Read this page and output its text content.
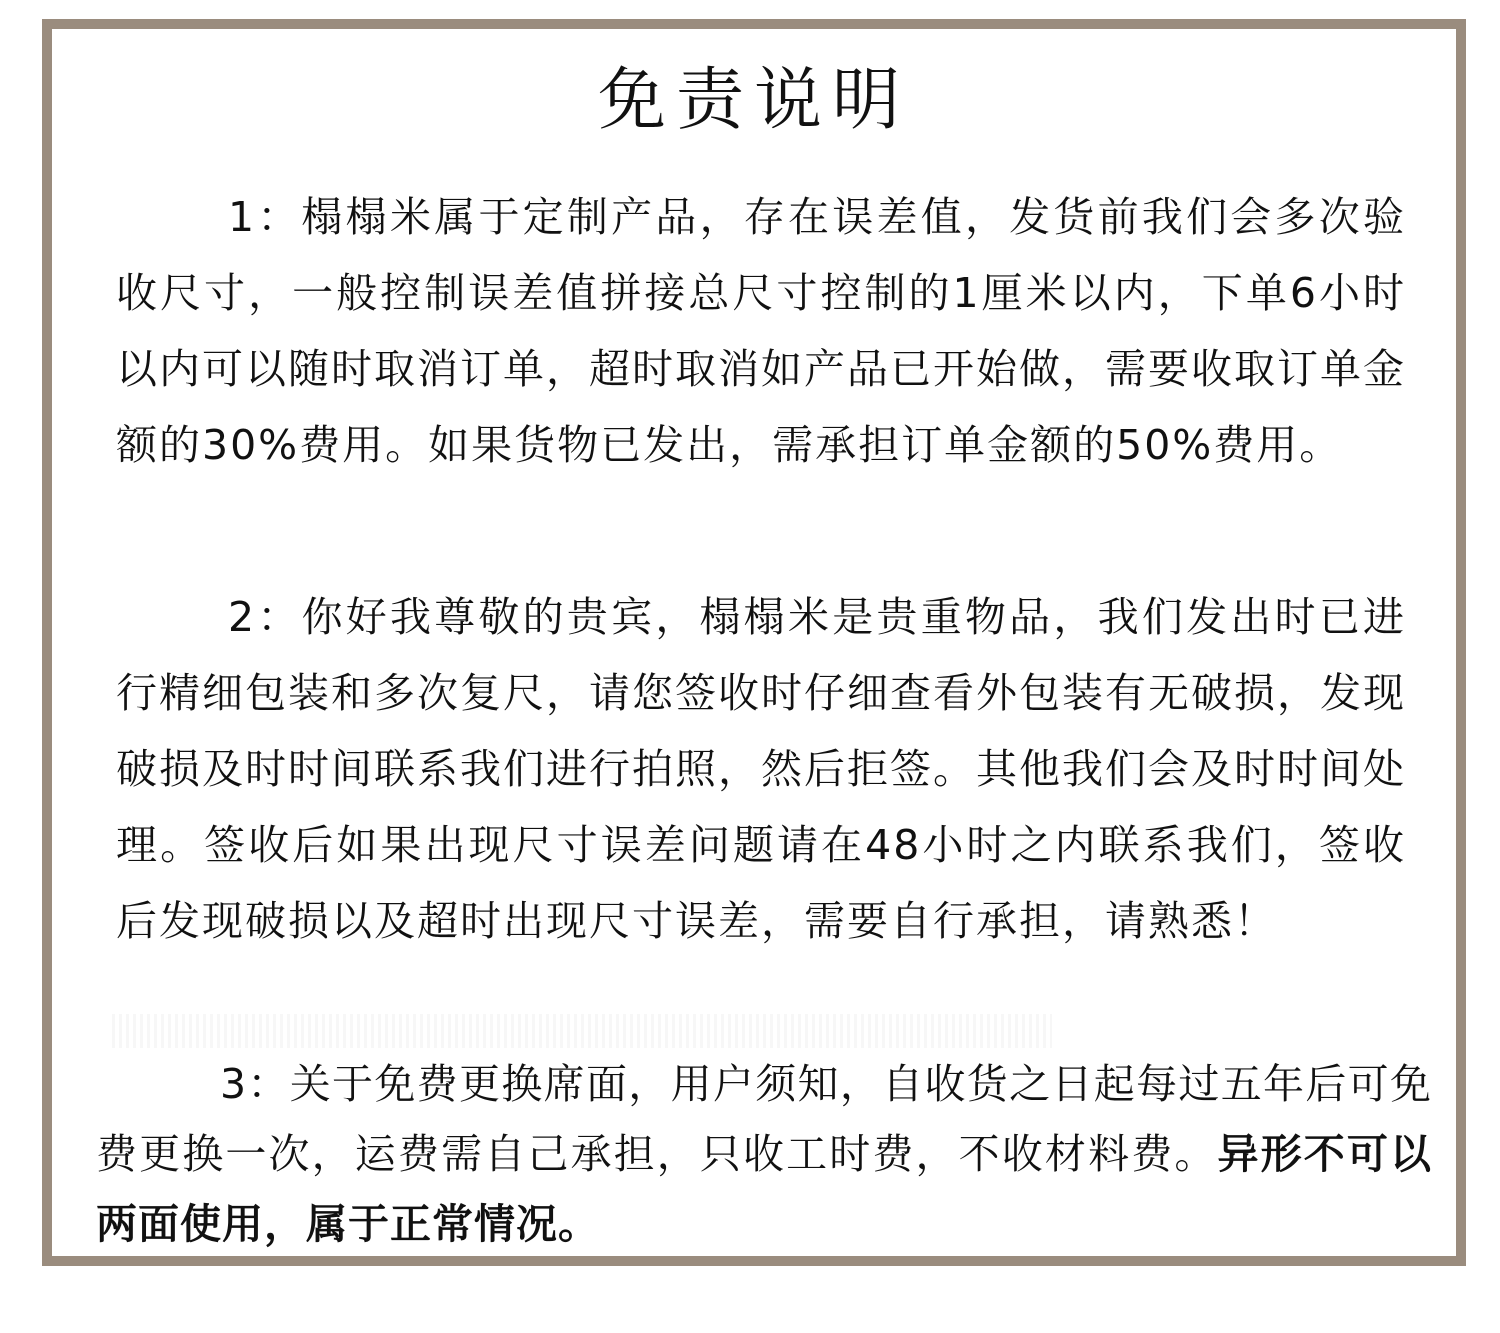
免责说明

1：榻榻米属于定制产品，存在误差值，发货前我们会多次验收尺寸，一般控制误差值拼接总尺寸控制的1厘米以内，下单6小时以内可以随时取消订单，超时取消如产品已开始做，需要收取订单金额的30%费用。如果货物已发出，需承担订单金额的50%费用。

2：你好我尊敬的贵宾，榻榻米是贵重物品，我们发出时已进行精细包装和多次复尺，请您签收时仔细查看外包装有无破损，发现破损及时时间联系我们进行拍照，然后拒签。其他我们会及时时间处理。签收后如果出现尺寸误差问题请在48小时之内联系我们，签收后发现破损以及超时出现尺寸误差，需要自行承担，请熟悉！

3：关于免费更换席面，用户须知，自收货之日起每过五年后可免费更换一次，运费需自己承担，只收工时费，不收材料费。异形不可以两面使用，属于正常情况。
